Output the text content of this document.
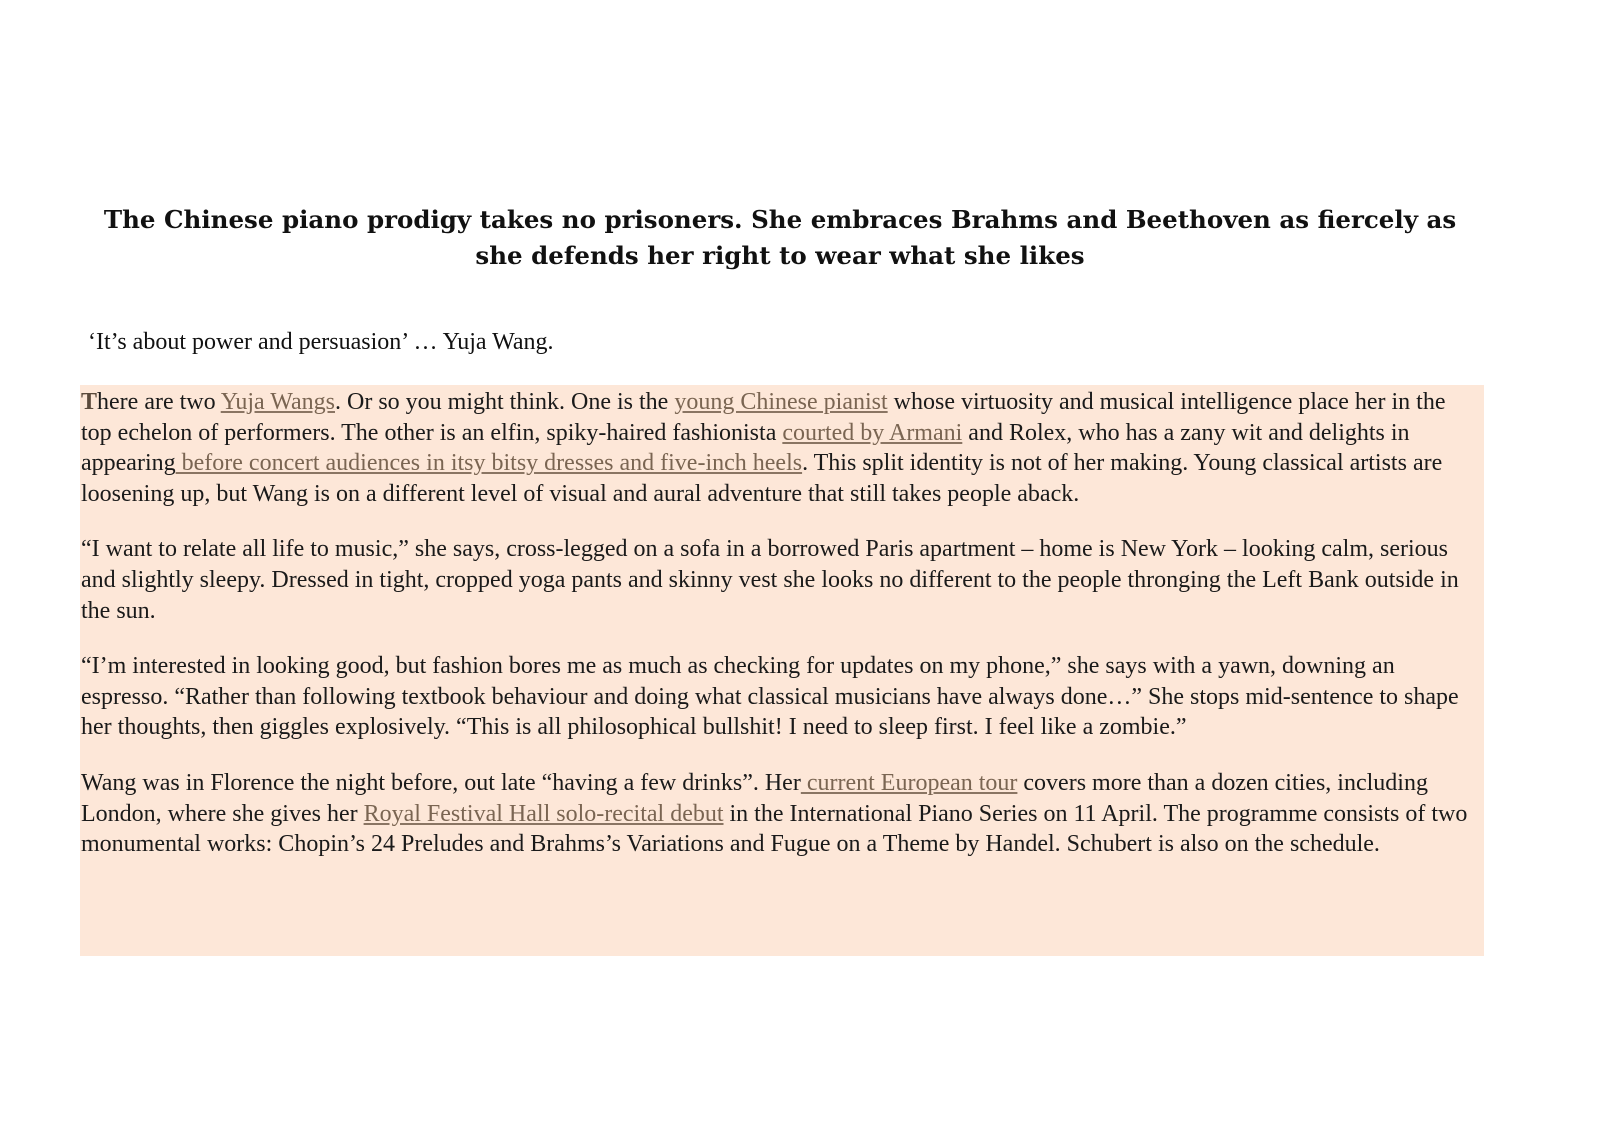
The Chinese piano prodigy takes no prisoners. She embraces Brahms and Beethoven as fiercely as she defends her right to wear what she likes

‘It’s about power and persuasion’ … Yuja Wang.

There are two Yuja Wangs. Or so you might think. One is the young Chinese pianist whose virtuosity and musical intelligence place her in the top echelon of performers. The other is an elfin, spiky-haired fashionista courted by Armani and Rolex, who has a zany wit and delights in appearing before concert audiences in itsy bitsy dresses and five-inch heels. This split identity is not of her making. Young classical artists are loosening up, but Wang is on a different level of visual and aural adventure that still takes people aback.

“I want to relate all life to music,” she says, cross-legged on a sofa in a borrowed Paris apartment – home is New York – looking calm, serious and slightly sleepy. Dressed in tight, cropped yoga pants and skinny vest she looks no different to the people thronging the Left Bank outside in the sun.

“I’m interested in looking good, but fashion bores me as much as checking for updates on my phone,” she says with a yawn, downing an espresso. “Rather than following textbook behaviour and doing what classical musicians have always done…” She stops mid-sentence to shape her thoughts, then giggles explosively. “This is all philosophical bullshit! I need to sleep first. I feel like a zombie.”

Wang was in Florence the night before, out late “having a few drinks”. Her current European tour covers more than a dozen cities, including London, where she gives her Royal Festival Hall solo-recital debut in the International Piano Series on 11 April. The programme consists of two monumental works: Chopin’s 24 Preludes and Brahms’s Variations and Fugue on a Theme by Handel. Schubert is also on the schedule.
